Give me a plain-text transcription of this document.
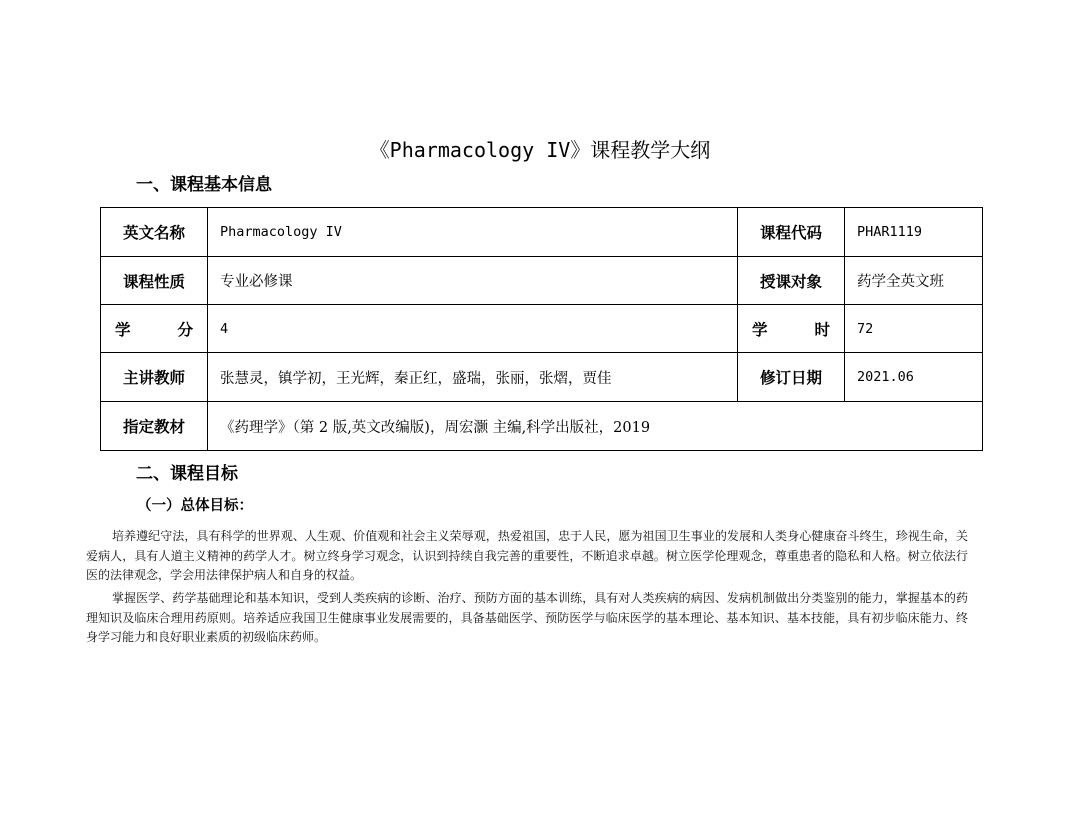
《Pharmacology IV》课程教学大纲
一、课程基本信息
英文名称	Pharmacology IV	课程代码	PHAR1119
课程性质	专业必修课	授课对象	药学全英文班
学分	4	学时	72
主讲教师	张慧灵，镇学初，王光辉，秦正红，盛瑞，张丽，张熠，贾佳	修订日期	2021.06
指定教材	《药理学》（第 2 版,英文改编版)，周宏灏 主编,科学出版社，2019		
二、课程目标
（一）总体目标：
培养遵纪守法，具有科学的世界观、人生观、价值观和社会主义荣辱观，热爱祖国，忠于人民，愿为祖国卫生事业的发展和人类身心健康奋斗终生，珍视生命，关爱病人，具有人道主义精神的药学人才。树立终身学习观念，认识到持续自我完善的重要性，不断追求卓越。树立医学伦理观念，尊重患者的隐私和人格。树立依法行医的法律观念，学会用法律保护病人和自身的权益。
掌握医学、药学基础理论和基本知识，受到人类疾病的诊断、治疗、预防方面的基本训练，具有对人类疾病的病因、发病机制做出分类鉴别的能力，掌握基本的药理知识及临床合理用药原则。培养适应我国卫生健康事业发展需要的，具备基础医学、预防医学与临床医学的基本理论、基本知识、基本技能，具有初步临床能力、终身学习能力和良好职业素质的初级临床药师。
